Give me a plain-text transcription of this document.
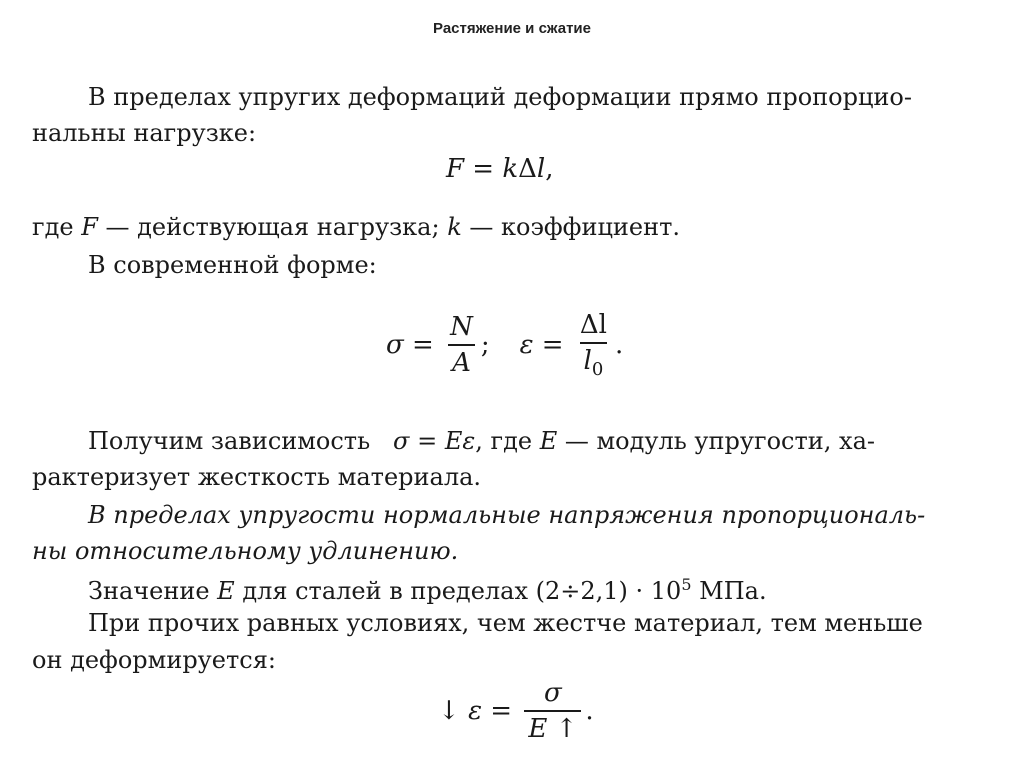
Растяжение и сжатие
В пределах упругих деформаций деформации прямо пропорцио-
нальны нагрузке:
F = kΔl,
где F — действующая нагрузка; k — коэффициент.
В современной форме:
$\sigma = \frac{N}{A}$ ; $\varepsilon = \frac{\Delta l}{l_0}$ .
Получим зависимость   σ = Eε, где E — модуль упругости, ха-
рактеризует жесткость материала.
В пределах упругости нормальные напряжения пропорциональ-
ны относительному удлинению.
Значение E для сталей в пределах $(2\div 2,1) \cdot 10^5$ МПа.
При прочих равных условиях, чем жестче материал, тем меньше
он деформируется:
↓ $\varepsilon = \frac{\sigma}{E ↑}$ .
